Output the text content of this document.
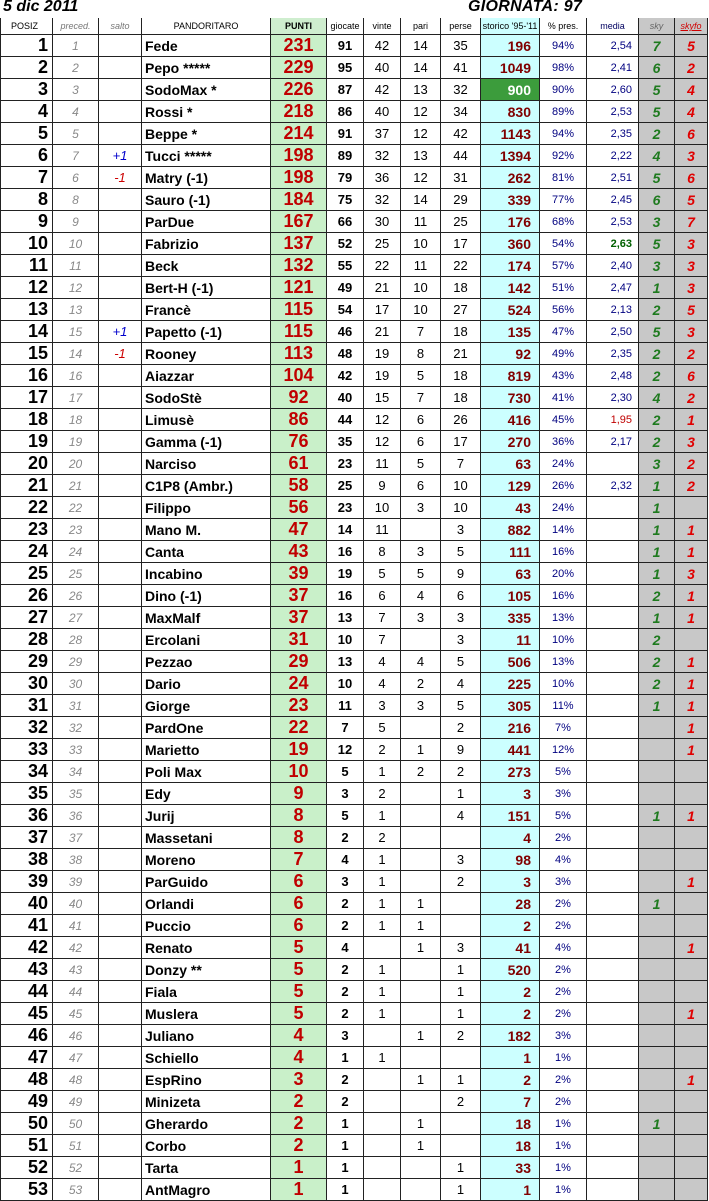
5 dic 2011	GIORNATA: 97
POSIZ	preced.	salto	PANDORITARO	PUNTI	giocate	vinte	pari	perse	storico '95-'11	% pres.	media	sky	skyfo
1	1		Fede	231	91	42	14	35	196	94%	2,54	7	5
2	2		Pepo *****	229	95	40	14	41	1049	98%	2,41	6	2
3	3		SodoMax *	226	87	42	13	32	900	90%	2,60	5	4
4	4		Rossi *	218	86	40	12	34	830	89%	2,53	5	4
5	5		Beppe *	214	91	37	12	42	1143	94%	2,35	2	6
6	7	+1	Tucci *****	198	89	32	13	44	1394	92%	2,22	4	3
7	6	-1	Matry (-1)	198	79	36	12	31	262	81%	2,51	5	6
8	8		Sauro (-1)	184	75	32	14	29	339	77%	2,45	6	5
9	9		ParDue	167	66	30	11	25	176	68%	2,53	3	7
10	10		Fabrizio	137	52	25	10	17	360	54%	2,63	5	3
11	11		Beck	132	55	22	11	22	174	57%	2,40	3	3
12	12		Bert-H (-1)	121	49	21	10	18	142	51%	2,47	1	3
13	13		Francè	115	54	17	10	27	524	56%	2,13	2	5
14	15	+1	Papetto (-1)	115	46	21	7	18	135	47%	2,50	5	3
15	14	-1	Rooney	113	48	19	8	21	92	49%	2,35	2	2
16	16		Aiazzar	104	42	19	5	18	819	43%	2,48	2	6
17	17		SodoStè	92	40	15	7	18	730	41%	2,30	4	2
18	18		Limusè	86	44	12	6	26	416	45%	1,95	2	1
19	19		Gamma (-1)	76	35	12	6	17	270	36%	2,17	2	3
20	20		Narciso	61	23	11	5	7	63	24%		3	2
21	21		C1P8 (Ambr.)	58	25	9	6	10	129	26%	2,32	1	2
22	22		Filippo	56	23	10	3	10	43	24%		1	
23	23		Mano M.	47	14	11		3	882	14%		1	1
24	24		Canta	43	16	8	3	5	111	16%		1	1
25	25		Incabino	39	19	5	5	9	63	20%		1	3
26	26		Dino (-1)	37	16	6	4	6	105	16%		2	1
27	27		MaxMalf	37	13	7	3	3	335	13%		1	1
28	28		Ercolani	31	10	7		3	11	10%		2	
29	29		Pezzao	29	13	4	4	5	506	13%		2	1
30	30		Dario	24	10	4	2	4	225	10%		2	1
31	31		Giorge	23	11	3	3	5	305	11%		1	1
32	32		PardOne	22	7	5		2	216	7%			1
33	33		Marietto	19	12	2	1	9	441	12%			1
34	34		Poli Max	10	5	1	2	2	273	5%			
35	35		Edy	9	3	2		1	3	3%			
36	36		Jurij	8	5	1		4	151	5%		1	1
37	37		Massetani	8	2	2			4	2%			
38	38		Moreno	7	4	1		3	98	4%			
39	39		ParGuido	6	3	1		2	3	3%			1
40	40		Orlandi	6	2	1	1		28	2%		1	
41	41		Puccio	6	2	1	1		2	2%			
42	42		Renato	5	4		1	3	41	4%			1
43	43		Donzy **	5	2	1		1	520	2%			
44	44		Fiala	5	2	1		1	2	2%			
45	45		Muslera	5	2	1		1	2	2%			1
46	46		Juliano	4	3		1	2	182	3%			
47	47		Schiello	4	1	1			1	1%			
48	48		EspRino	3	2		1	1	2	2%			1
49	49		Minizeta	2	2			2	7	2%			
50	50		Gherardo	2	1		1		18	1%		1	
51	51		Corbo	2	1		1		18	1%			
52	52		Tarta	1	1			1	33	1%			
53	53		AntMagro	1	1			1	1	1%			
